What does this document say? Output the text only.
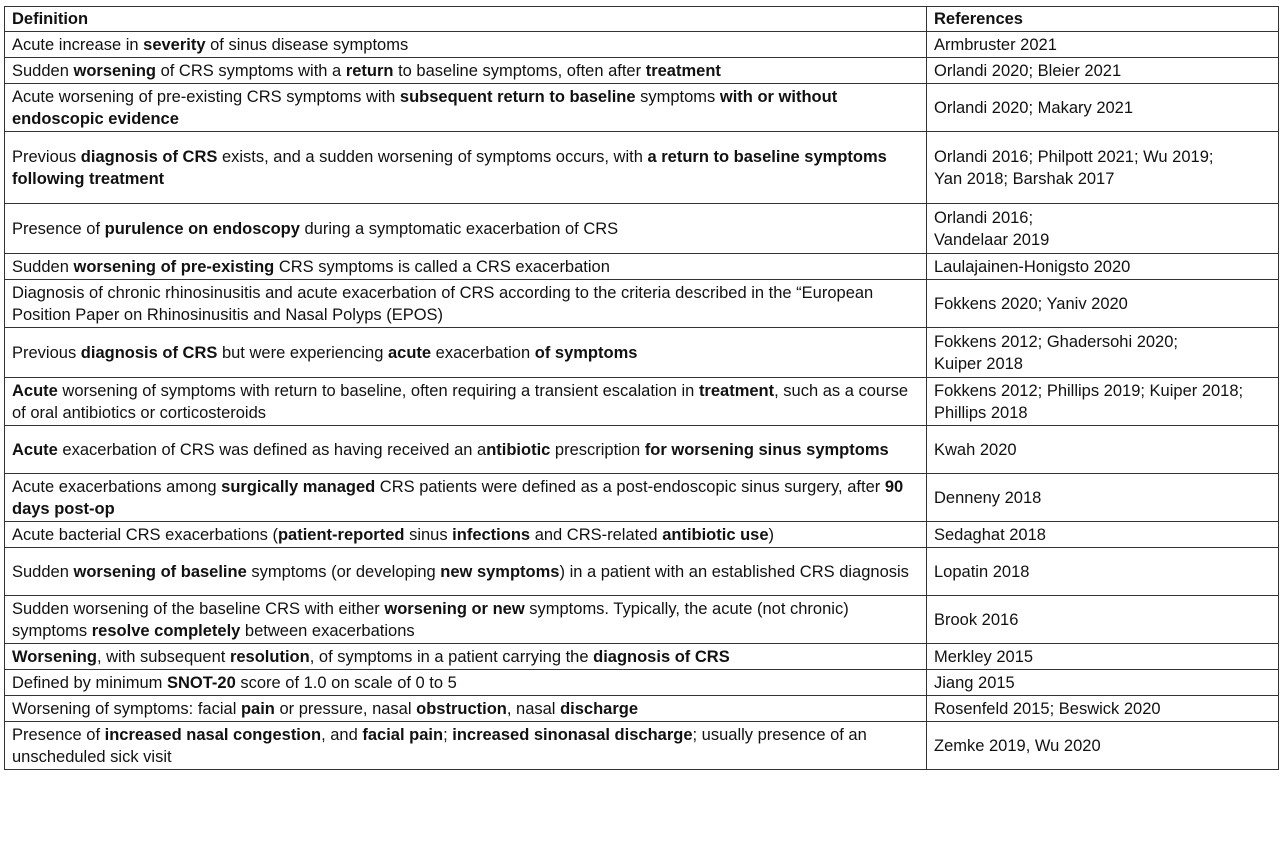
Definition	References
Acute increase in severity of sinus disease symptoms	Armbruster 2021

Sudden worsening of CRS symptoms with a return to baseline symptoms, often after treatment	Orlandi 2020; Bleier 2021

Acute worsening of pre-existing CRS symptoms with subsequent return to baseline symptoms with or without endoscopic evidence	Orlandi 2020; Makary 2021

Previous diagnosis of CRS exists, and a sudden worsening of symptoms occurs, with a return to baseline symptoms following treatment	Orlandi 2016; Philpott 2021; Wu 2019;
Yan 2018; Barshak 2017

Presence of purulence on endoscopy during a symptomatic exacerbation of CRS	Orlandi 2016;
Vandelaar 2019

Sudden worsening of pre-existing CRS symptoms is called a CRS exacerbation	Laulajainen-Honigsto 2020

Diagnosis of chronic rhinosinusitis and acute exacerbation of CRS according to the criteria described in the “European Position Paper on Rhinosinusitis and Nasal Polyps (EPOS)	Fokkens 2020; Yaniv 2020

Previous diagnosis of CRS but were experiencing acute exacerbation of symptoms	Fokkens 2012; Ghadersohi 2020;
Kuiper 2018

Acute worsening of symptoms with return to baseline, often requiring a transient escalation in treatment, such as a course of oral antibiotics or corticosteroids	Fokkens 2012; Phillips 2019; Kuiper 2018; Phillips 2018

Acute exacerbation of CRS was defined as having received an antibiotic prescription for worsening sinus symptoms	Kwah 2020

Acute exacerbations among surgically managed CRS patients were defined as a post-endoscopic sinus surgery, after 90 days post-op	Denneny 2018

Acute bacterial CRS exacerbations (patient-reported sinus infections and CRS-related antibiotic use)	Sedaghat 2018

Sudden worsening of baseline symptoms (or developing new symptoms) in a patient with an established CRS diagnosis	Lopatin 2018

Sudden worsening of the baseline CRS with either worsening or new symptoms. Typically, the acute (not chronic) symptoms resolve completely between exacerbations	Brook 2016

Worsening, with subsequent resolution, of symptoms in a patient carrying the diagnosis of CRS	Merkley 2015

Defined by minimum SNOT-20 score of 1.0 on scale of 0 to 5	Jiang 2015

Worsening of symptoms: facial pain or pressure, nasal obstruction, nasal discharge	Rosenfeld 2015; Beswick 2020

Presence of increased nasal congestion, and facial pain; increased sinonasal discharge; usually presence of an unscheduled sick visit	Zemke 2019, Wu 2020
